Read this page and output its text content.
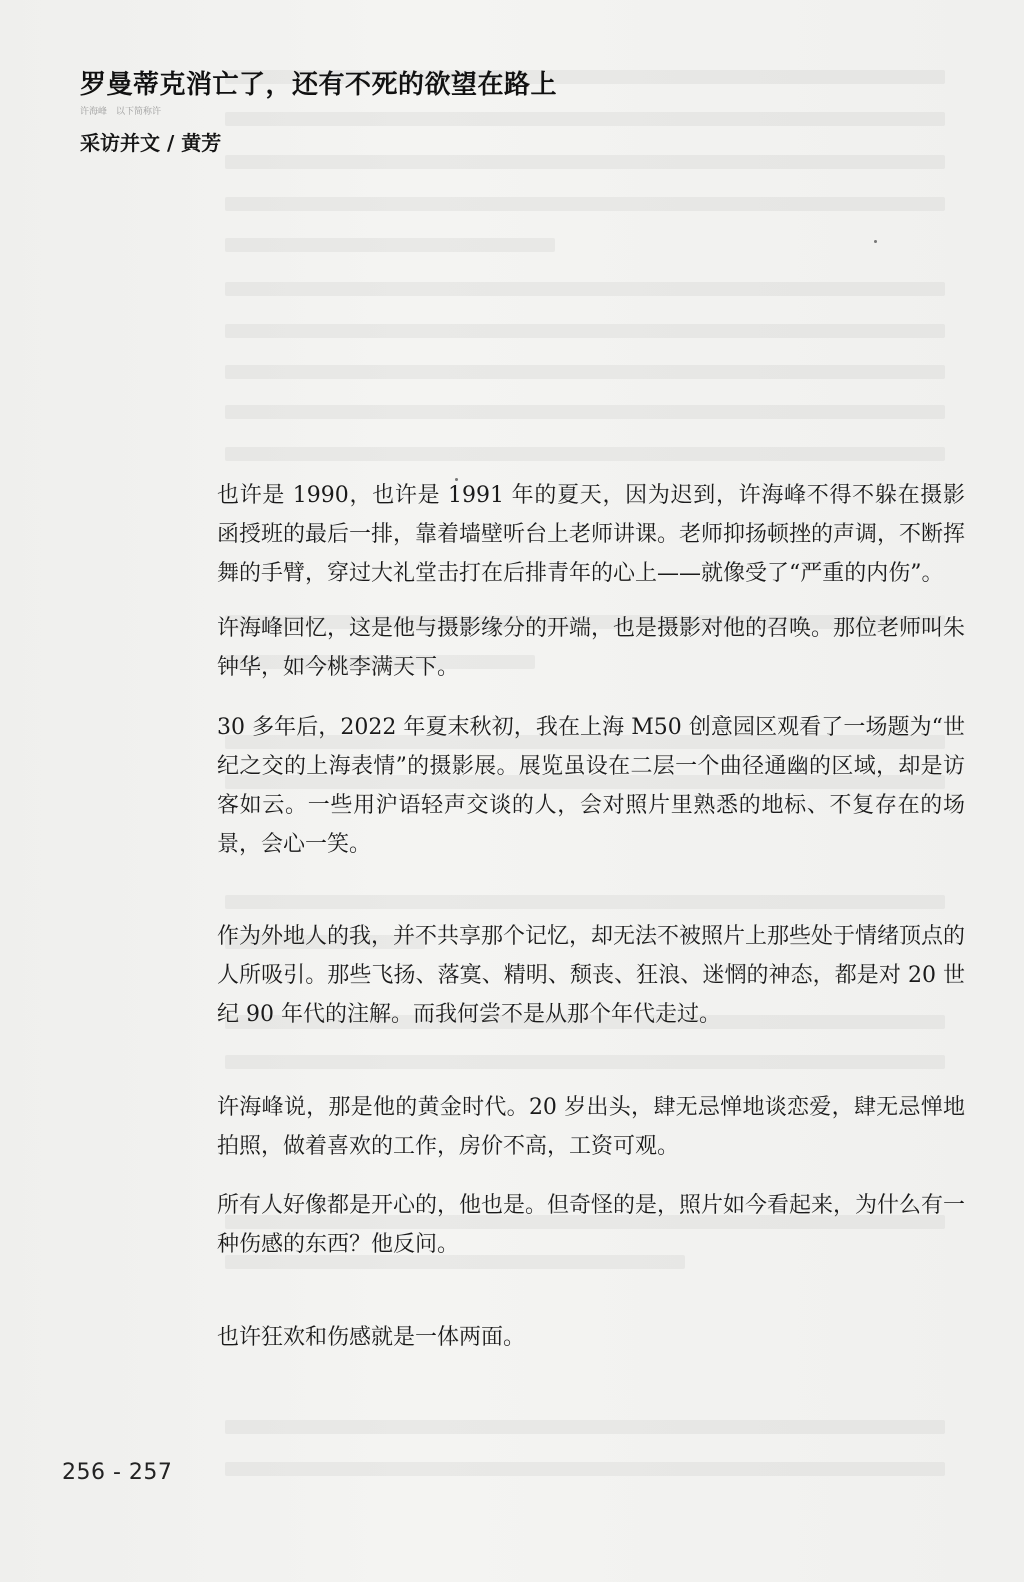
罗曼蒂克消亡了，还有不死的欲望在路上
许海峰　以下简称许
采访并文 / 黄芳

也许是 1990，也许是 1991 年的夏天，因为迟到，许海峰不得不躲在摄影函授班的最后一排，靠着墙壁听台上老师讲课。老师抑扬顿挫的声调，不断挥舞的手臂，穿过大礼堂击打在后排青年的心上——就像受了“严重的内伤”。

许海峰回忆，这是他与摄影缘分的开端，也是摄影对他的召唤。那位老师叫朱钟华，如今桃李满天下。

30 多年后，2022 年夏末秋初，我在上海 M50 创意园区观看了一场题为“世纪之交的上海表情”的摄影展。展览虽设在二层一个曲径通幽的区域，却是访客如云。一些用沪语轻声交谈的人，会对照片里熟悉的地标、不复存在的场景，会心一笑。

作为外地人的我，并不共享那个记忆，却无法不被照片上那些处于情绪顶点的人所吸引。那些飞扬、落寞、精明、颓丧、狂浪、迷惘的神态，都是对 20 世纪 90 年代的注解。而我何尝不是从那个年代走过。

许海峰说，那是他的黄金时代。20 岁出头，肆无忌惮地谈恋爱，肆无忌惮地拍照，做着喜欢的工作，房价不高，工资可观。

所有人好像都是开心的，他也是。但奇怪的是，照片如今看起来，为什么有一种伤感的东西？他反问。

也许狂欢和伤感就是一体两面。

256 - 257
